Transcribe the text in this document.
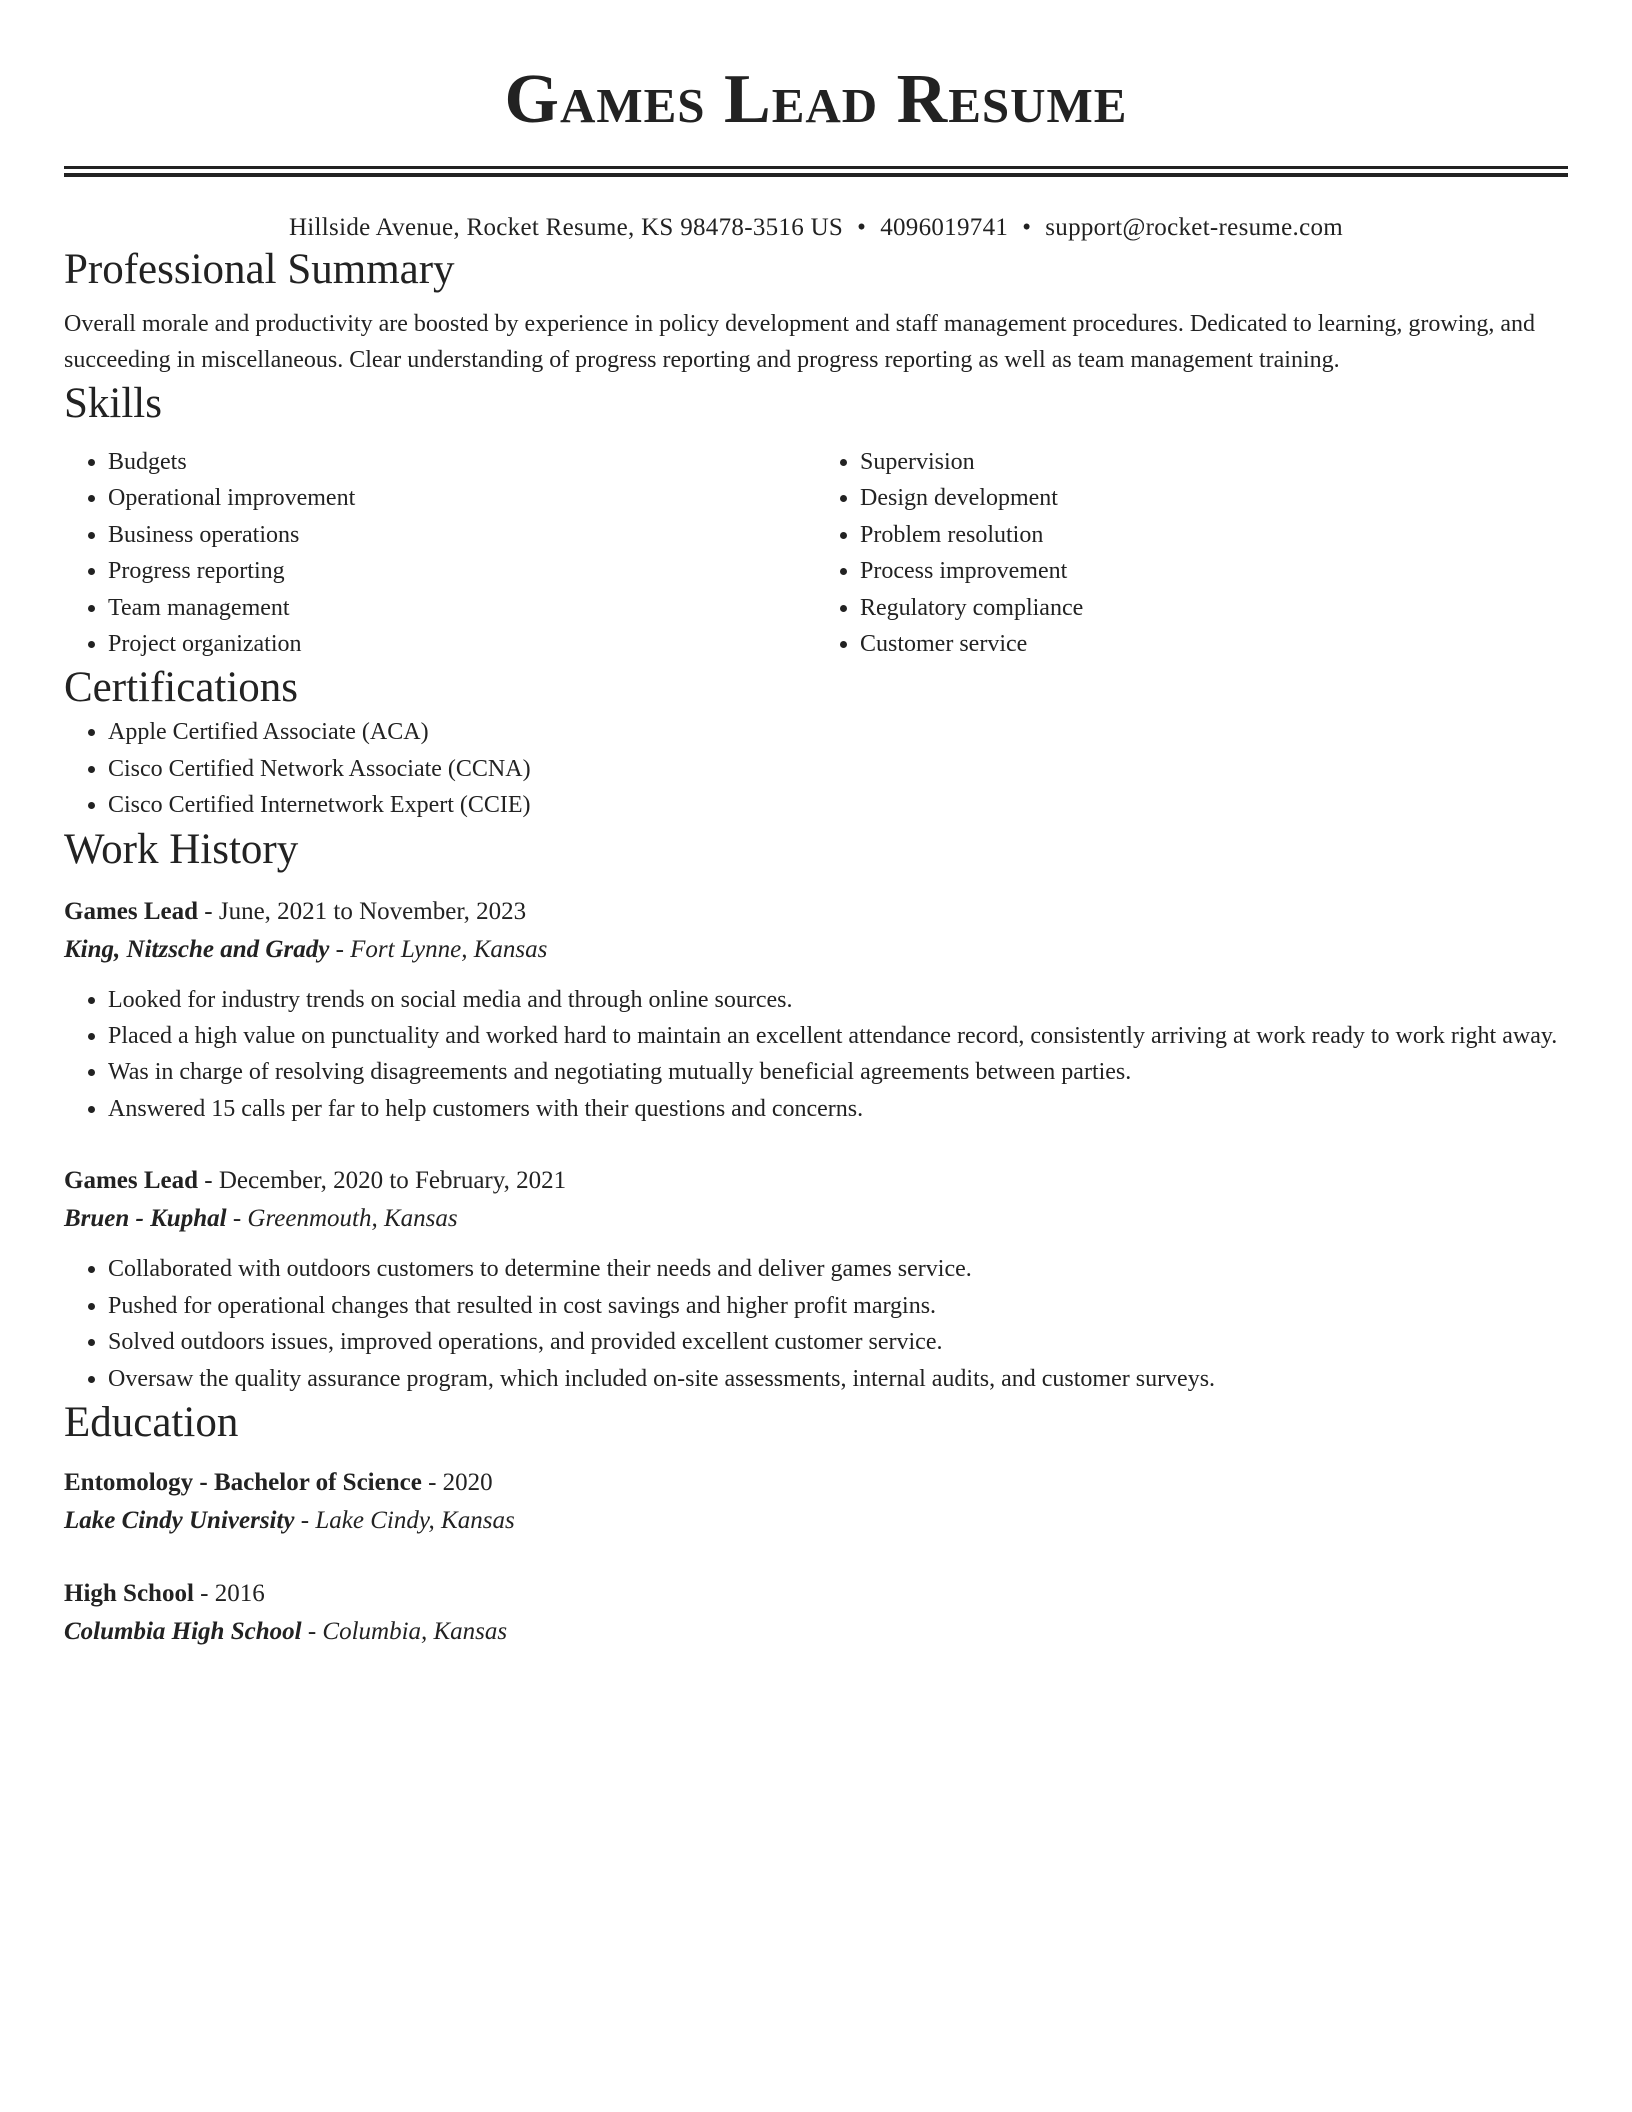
Games Lead Resume
Hillside Avenue, Rocket Resume, KS 98478-3516 US • 4096019741 • support@rocket-resume.com
Professional Summary

Overall morale and productivity are boosted by experience in policy development and staff management procedures. Dedicated to learning, growing, and succeeding in miscellaneous. Clear understanding of progress reporting and progress reporting as well as team management training.

Skills
• Budgets
• Operational improvement
• Business operations
• Progress reporting
• Team management
• Project organization
• Supervision
• Design development
• Problem resolution
• Process improvement
• Regulatory compliance
• Customer service
Certifications
• Apple Certified Associate (ACA)
• Cisco Certified Network Associate (CCNA)
• Cisco Certified Internetwork Expert (CCIE)
Work History
Games Lead - June, 2021 to November, 2023
King, Nitzsche and Grady - Fort Lynne, Kansas
• Looked for industry trends on social media and through online sources.
• Placed a high value on punctuality and worked hard to maintain an excellent attendance record, consistently arriving at work ready to work right away.
• Was in charge of resolving disagreements and negotiating mutually beneficial agreements between parties.
• Answered 15 calls per far to help customers with their questions and concerns.
Games Lead - December, 2020 to February, 2021
Bruen - Kuphal - Greenmouth, Kansas
• Collaborated with outdoors customers to determine their needs and deliver games service.
• Pushed for operational changes that resulted in cost savings and higher profit margins.
• Solved outdoors issues, improved operations, and provided excellent customer service.
• Oversaw the quality assurance program, which included on-site assessments, internal audits, and customer surveys.
Education
Entomology - Bachelor of Science - 2020
Lake Cindy University - Lake Cindy, Kansas
High School - 2016
Columbia High School - Columbia, Kansas
